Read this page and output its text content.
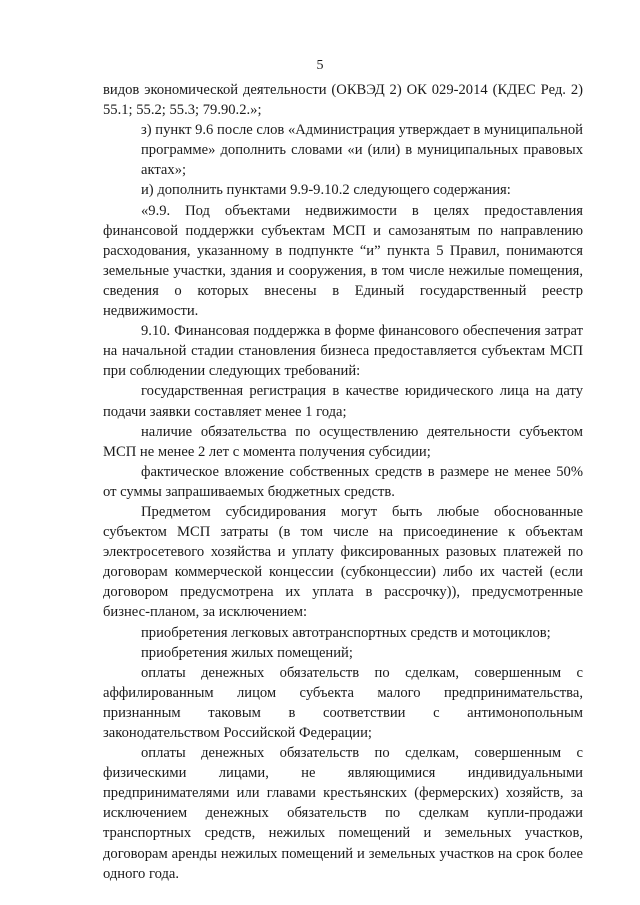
5

видов экономической деятельности (ОКВЭД 2) ОК 029-2014 (КДЕС Ред. 2) 55.1; 55.2; 55.3; 79.90.2.»;

з) пункт 9.6 после слов «Администрация утверждает в муниципальной программе» дополнить словами «и (или) в муниципальных правовых актах»;

и) дополнить пунктами 9.9-9.10.2 следующего содержания:

«9.9. Под объектами недвижимости в целях предоставления финансовой поддержки субъектам МСП и самозанятым по направлению расходования, указанному в подпункте “и” пункта 5 Правил, понимаются земельные участки, здания и сооружения, в том числе нежилые помещения, сведения о которых внесены в Единый государственный реестр недвижимости.

9.10. Финансовая поддержка в форме финансового обеспечения затрат на начальной стадии становления бизнеса предоставляется субъектам МСП при соблюдении следующих требований:

государственная регистрация в качестве юридического лица на дату подачи заявки составляет менее 1 года;

наличие обязательства по осуществлению деятельности субъектом МСП не менее 2 лет с момента получения субсидии;

фактическое вложение собственных средств в размере не менее 50% от суммы запрашиваемых бюджетных средств.

Предметом субсидирования могут быть любые обоснованные субъектом МСП затраты (в том числе на присоединение к объектам электросетевого хозяйства и уплату фиксированных разовых платежей по договорам коммерческой концессии (субконцессии) либо их частей (если договором предусмотрена их уплата в рассрочку)), предусмотренные бизнес-планом, за исключением:

приобретения легковых автотранспортных средств и мотоциклов;

приобретения жилых помещений;

оплаты денежных обязательств по сделкам, совершенным с аффилированным лицом субъекта малого предпринимательства, признанным таковым в соответствии с антимонопольным законодательством Российской Федерации;

оплаты денежных обязательств по сделкам, совершенным с физическими лицами, не являющимися индивидуальными предпринимателями или главами крестьянских (фермерских) хозяйств, за исключением денежных обязательств по сделкам купли-продажи транспортных средств, нежилых помещений и земельных участков, договорам аренды нежилых помещений и земельных участков на срок более одного года.
